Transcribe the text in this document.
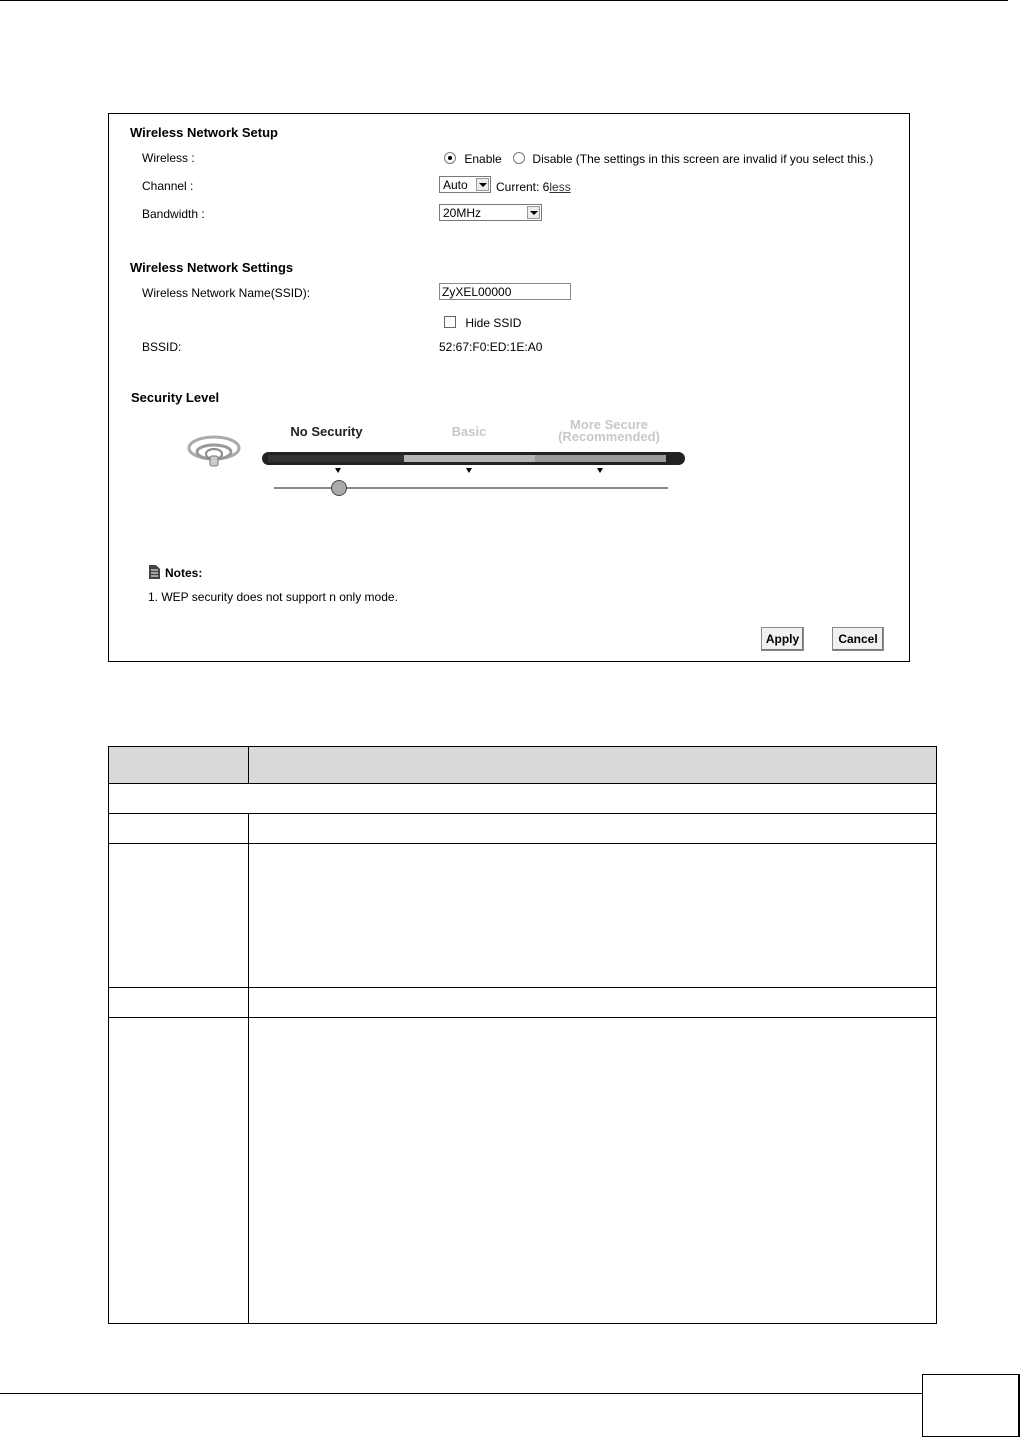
Wireless Network Setup
Wireless :	Enable	Disable (The settings in this screen are invalid if you select this.)
Channel :	Auto Current: 6less
Bandwidth :	20MHz
Wireless Network Settings
Wireless Network Name(SSID):
ZyXEL00000
Hide SSID
BSSID:	52:67:F0:ED:1E:A0
Security Level
No Security	Basic	More Secure
(Recommended)
Notes:
1. WEP security does not support n only mode.
Apply	Cancel
